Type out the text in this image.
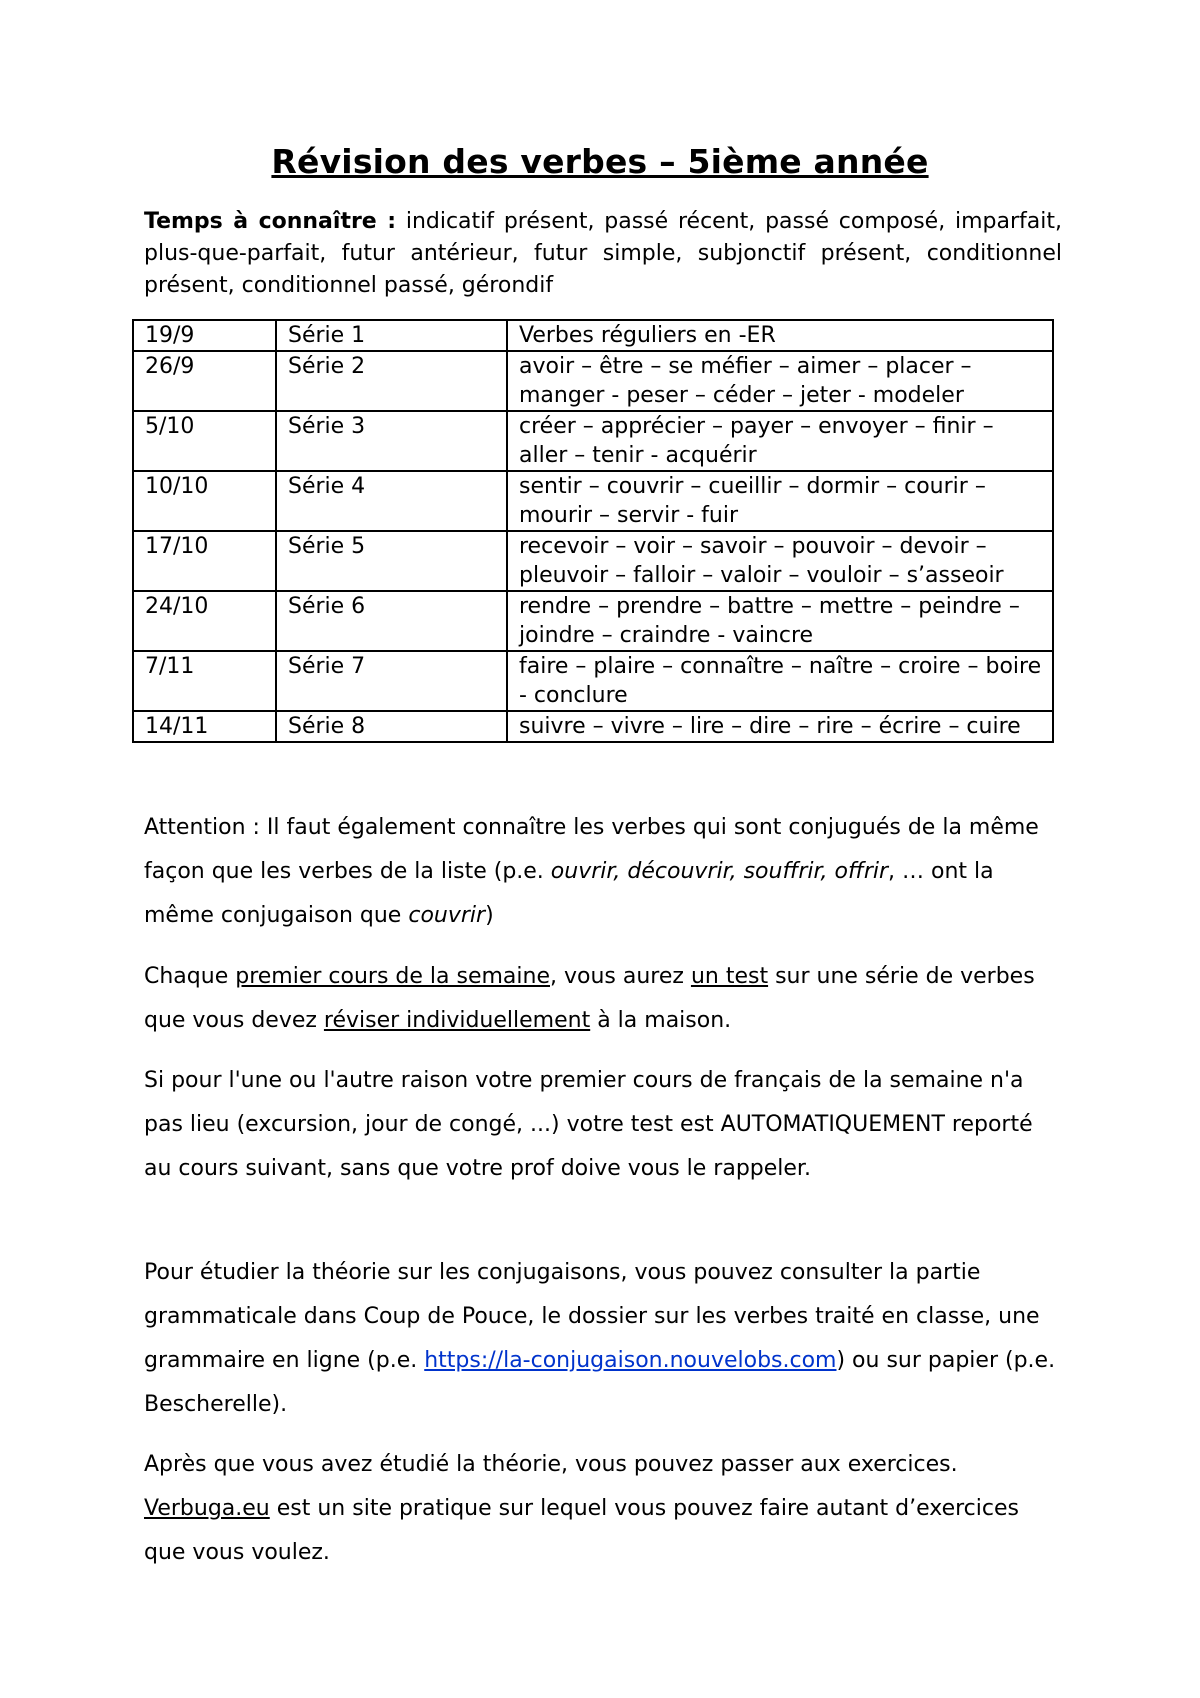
Révision des verbes – 5ième année
Temps à connaître : indicatif présent, passé récent, passé composé, imparfait, plus-que-parfait, futur antérieur, futur simple, subjonctif présent, conditionnel présent, conditionnel passé, gérondif
19/9	Série 1	Verbes réguliers en -ER
26/9	Série 2	avoir – être – se méfier – aimer – placer – manger - peser – céder – jeter - modeler
5/10	Série 3	créer – apprécier – payer – envoyer – finir – aller – tenir - acquérir
10/10	Série 4	sentir – couvrir – cueillir – dormir – courir – mourir – servir - fuir
17/10	Série 5	recevoir – voir – savoir – pouvoir – devoir – pleuvoir – falloir – valoir – vouloir – s’asseoir
24/10	Série 6	rendre – prendre – battre – mettre – peindre – joindre – craindre - vaincre
7/11	Série 7	faire – plaire – connaître – naître – croire – boire - conclure
14/11	Série 8	suivre – vivre – lire – dire – rire – écrire – cuire
Attention : Il faut également connaître les verbes qui sont conjugués de la même façon que les verbes de la liste (p.e. ouvrir, découvrir, souffrir, offrir, … ont la même conjugaison que couvrir)
Chaque premier cours de la semaine, vous aurez un test sur une série de verbes que vous devez réviser individuellement à la maison.
Si pour l'une ou l'autre raison votre premier cours de français de la semaine n'a pas lieu (excursion, jour de congé, ...) votre test est AUTOMATIQUEMENT reporté au cours suivant, sans que votre prof doive vous le rappeler.
Pour étudier la théorie sur les conjugaisons, vous pouvez consulter la partie grammaticale dans Coup de Pouce, le dossier sur les verbes traité en classe, une grammaire en ligne (p.e. https://la-conjugaison.nouvelobs.com) ou sur papier (p.e. Bescherelle).
Après que vous avez étudié la théorie, vous pouvez passer aux exercices. Verbuga.eu est un site pratique sur lequel vous pouvez faire autant d’exercices que vous voulez.
